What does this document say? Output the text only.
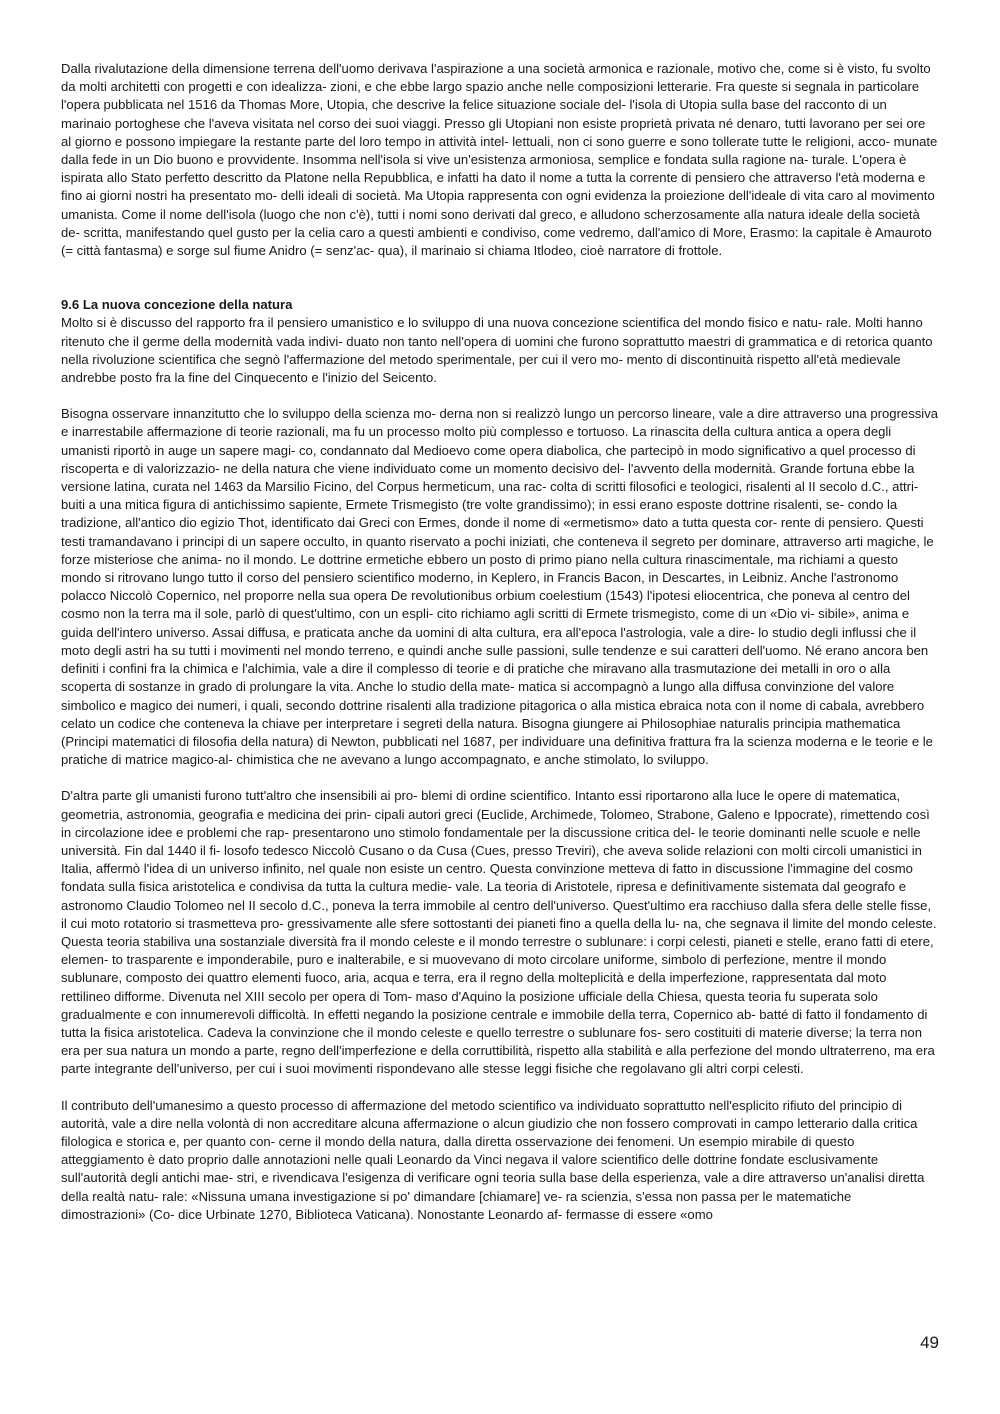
Dalla rivalutazione della dimensione terrena dell'uomo derivava l'aspirazione a una società armonica e razionale, motivo che, come si è visto, fu svolto da molti architetti con progetti e con idealizza- zioni, e che ebbe largo spazio anche nelle composizioni letterarie. Fra queste si segnala in particolare l'opera pubblicata nel 1516 da Thomas More, Utopia, che descrive la felice situazione sociale del- l'isola di Utopia sulla base del racconto di un marinaio portoghese che l'aveva visitata nel corso dei suoi viaggi. Presso gli Utopiani non esiste proprietà privata né denaro, tutti lavorano per sei ore al giorno e possono impiegare la restante parte del loro tempo in attività intel- lettuali, non ci sono guerre e sono tollerate tutte le religioni, acco- munate dalla fede in un Dio buono e provvidente. Insomma nell'isola si vive un'esistenza armoniosa, semplice e fondata sulla ragione na- turale. L'opera è ispirata allo Stato perfetto descritto da Platone nella Repubblica, e infatti ha dato il nome a tutta la corrente di pensiero che attraverso l'età moderna e fino ai giorni nostri ha presentato mo- delli ideali di società. Ma Utopia rappresenta con ogni evidenza la proiezione dell'ideale di vita caro al movimento umanista. Come il nome dell'isola (luogo che non c'è), tutti i nomi sono derivati dal greco, e alludono scherzosamente alla natura ideale della società de- scritta, manifestando quel gusto per la celia caro a questi ambienti e condiviso, come vedremo, dall'amico di More, Erasmo: la capitale è Amauroto (= città fantasma) e sorge sul fiume Anidro (= senz'ac- qua), il marinaio si chiama Itlodeo, cioè narratore di frottole.

9.6 La nuova concezione della natura

Molto si è discusso del rapporto fra il pensiero umanistico e lo sviluppo di una nuova concezione scientifica del mondo fisico e natu- rale. Molti hanno ritenuto che il germe della modernità vada indivi- duato non tanto nell'opera di uomini che furono soprattutto maestri di grammatica e di retorica quanto nella rivoluzione scientifica che segnò l'affermazione del metodo sperimentale, per cui il vero mo- mento di discontinuità rispetto all'età medievale andrebbe posto fra la fine del Cinquecento e l'inizio del Seicento.

Bisogna osservare innanzitutto che lo sviluppo della scienza mo- derna non si realizzò lungo un percorso lineare, vale a dire attraverso una progressiva e inarrestabile affermazione di teorie razionali, ma fu un processo molto più complesso e tortuoso. La rinascita della cultura antica a opera degli umanisti riportò in auge un sapere magi- co, condannato dal Medioevo come opera diabolica, che partecipò in modo significativo a quel processo di riscoperta e di valorizzazio- ne della natura che viene individuato come un momento decisivo del- l'avvento della modernità. Grande fortuna ebbe la versione latina, curata nel 1463 da Marsilio Ficino, del Corpus hermeticum, una rac- colta di scritti filosofici e teologici, risalenti al II secolo d.C., attri- buiti a una mitica figura di antichissimo sapiente, Ermete Trismegisto (tre volte grandissimo); in essi erano esposte dottrine risalenti, se- condo la tradizione, all'antico dio egizio Thot, identificato dai Greci con Ermes, donde il nome di «ermetismo» dato a tutta questa cor- rente di pensiero. Questi testi tramandavano i principi di un sapere occulto, in quanto riservato a pochi iniziati, che conteneva il segreto per dominare, attraverso arti magiche, le forze misteriose che anima- no il mondo. Le dottrine ermetiche ebbero un posto di primo piano nella cultura rinascimentale, ma richiami a questo mondo si ritrovano lungo tutto il corso del pensiero scientifico moderno, in Keplero, in Francis Bacon, in Descartes, in Leibniz. Anche l'astronomo polacco Niccolò Copernico, nel proporre nella sua opera De revolutionibus orbium coelestium (1543) l'ipotesi eliocentrica, che poneva al centro del cosmo non la terra ma il sole, parlò di quest'ultimo, con un espli- cito richiamo agli scritti di Ermete trismegisto, come di un «Dio vi- sibile», anima e guida dell'intero universo. Assai diffusa, e praticata anche da uomini di alta cultura, era all'epoca l'astrologia, vale a dire- lo studio degli influssi che il moto degli astri ha su tutti i movimenti nel mondo terreno, e quindi anche sulle passioni, sulle tendenze e sui caratteri dell'uomo. Né erano ancora ben definiti i confini fra la chimica e l'alchimia, vale a dire il complesso di teorie e di pratiche che miravano alla trasmutazione dei metalli in oro o alla scoperta di sostanze in grado di prolungare la vita. Anche lo studio della mate- matica si accompagnò a lungo alla diffusa convinzione del valore simbolico e magico dei numeri, i quali, secondo dottrine risalenti alla tradizione pitagorica o alla mistica ebraica nota con il nome di cabala, avrebbero celato un codice che conteneva la chiave per interpretare i segreti della natura. Bisogna giungere ai Philosophiae naturalis principia mathematica (Principi matematici di filosofia della natura) di Newton, pubblicati nel 1687, per individuare una definitiva frattura fra la scienza moderna e le teorie e le pratiche di matrice magico-al- chimistica che ne avevano a lungo accompagnato, e anche stimolato, lo sviluppo.

D'altra parte gli umanisti furono tutt'altro che insensibili ai pro- blemi di ordine scientifico. Intanto essi riportarono alla luce le opere di matematica, geometria, astronomia, geografia e medicina dei prin- cipali autori greci (Euclide, Archimede, Tolomeo, Strabone, Galeno e Ippocrate), rimettendo così in circolazione idee e problemi che rap- presentarono uno stimolo fondamentale per la discussione critica del- le teorie dominanti nelle scuole e nelle università. Fin dal 1440 il fi- losofo tedesco Niccolò Cusano o da Cusa (Cues, presso Treviri), che aveva solide relazioni con molti circoli umanistici in Italia, affermò l'idea di un universo infinito, nel quale non esiste un centro. Questa convinzione metteva di fatto in discussione l'immagine del cosmo fondata sulla fisica aristotelica e condivisa da tutta la cultura medie- vale. La teoria di Aristotele, ripresa e definitivamente sistemata dal geografo e astronomo Claudio Tolomeo nel II secolo d.C., poneva la terra immobile al centro dell'universo. Quest'ultimo era racchiuso dalla sfera delle stelle fisse, il cui moto rotatorio si trasmetteva pro- gressivamente alle sfere sottostanti dei pianeti fino a quella della lu- na, che segnava il limite del mondo celeste. Questa teoria stabiliva una sostanziale diversità fra il mondo celeste e il mondo terrestre o sublunare: i corpi celesti, pianeti e stelle, erano fatti di etere, elemen- to trasparente e imponderabile, puro e inalterabile, e si muovevano di moto circolare uniforme, simbolo di perfezione, mentre il mondo sublunare, composto dei quattro elementi fuoco, aria, acqua e terra, era il regno della molteplicità e della imperfezione, rappresentata dal moto rettilineo difforme. Divenuta nel XIII secolo per opera di Tom- maso d'Aquino la posizione ufficiale della Chiesa, questa teoria fu superata solo gradualmente e con innumerevoli difficoltà. In effetti negando la posizione centrale e immobile della terra, Copernico ab- batté di fatto il fondamento di tutta la fisica aristotelica. Cadeva la convinzione che il mondo celeste e quello terrestre o sublunare fos- sero costituiti di materie diverse; la terra non era per sua natura un mondo a parte, regno dell'imperfezione e della corruttibilità, rispetto alla stabilità e alla perfezione del mondo ultraterreno, ma era parte integrante dell'universo, per cui i suoi movimenti rispondevano alle stesse leggi fisiche che regolavano gli altri corpi celesti.

Il contributo dell'umanesimo a questo processo di affermazione del metodo scientifico va individuato soprattutto nell'esplicito rifiuto del principio di autorità, vale a dire nella volontà di non accreditare alcuna affermazione o alcun giudizio che non fossero comprovati in campo letterario dalla critica filologica e storica e, per quanto con- cerne il mondo della natura, dalla diretta osservazione dei fenomeni. Un esempio mirabile di questo atteggiamento è dato proprio dalle annotazioni nelle quali Leonardo da Vinci negava il valore scientifico delle dottrine fondate esclusivamente sull'autorità degli antichi mae- stri, e rivendicava l'esigenza di verificare ogni teoria sulla base della esperienza, vale a dire attraverso un'analisi diretta della realtà natu- rale: «Nissuna umana investigazione si po' dimandare [chiamare] ve- ra scienzia, s'essa non passa per le matematiche dimostrazioni» (Co- dice Urbinate 1270, Biblioteca Vaticana). Nonostante Leonardo af- fermasse di essere «omo

49
